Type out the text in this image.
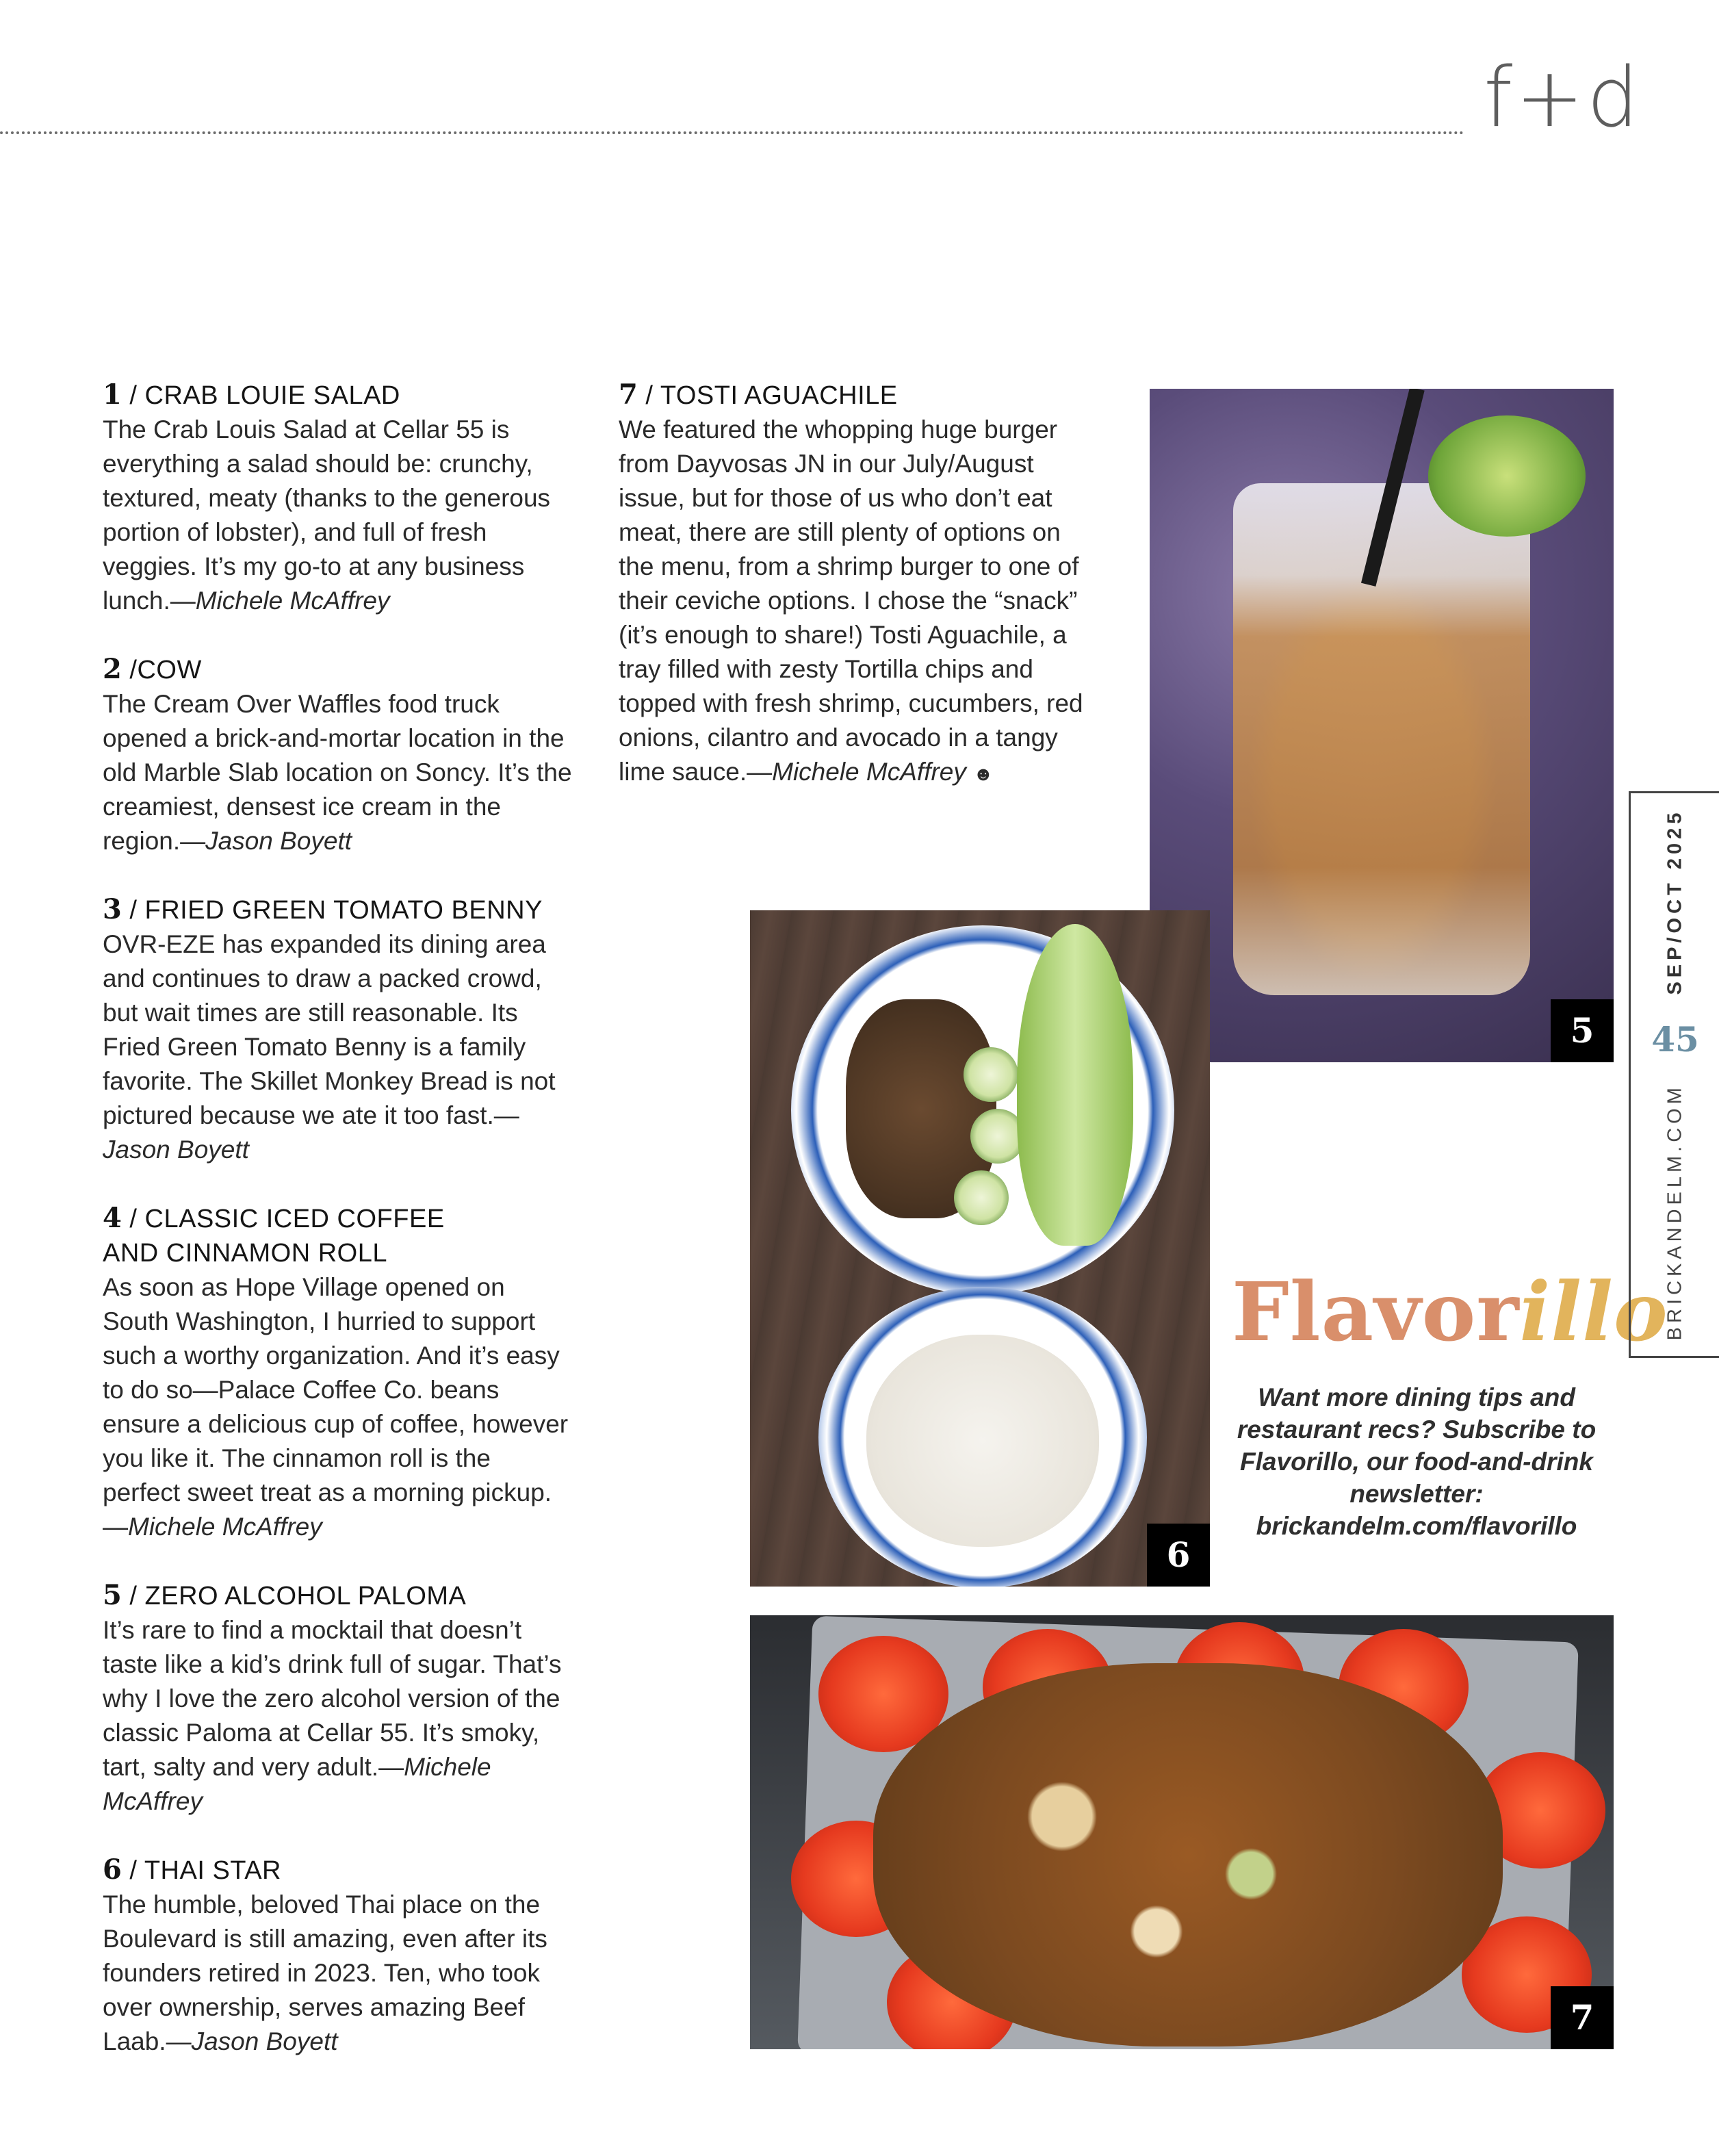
f+d

1 / CRAB LOUIE SALAD

The Crab Louis Salad at Cellar 55 is everything a salad should be: crunchy, textured, meaty (thanks to the generous portion of lobster), and full of fresh veggies. It’s my go-to at any business lunch.—Michele McAffrey

2 /COW

The Cream Over Waffles food truck opened a brick-and-mortar location in the old Marble Slab location on Soncy. It’s the creamiest, densest ice cream in the region.—Jason Boyett

3 / FRIED GREEN TOMATO BENNY

OVR-EZE has expanded its dining area and continues to draw a packed crowd, but wait times are still reasonable. Its Fried Green Tomato Benny is a family favorite. The Skillet Monkey Bread is not pictured because we ate it too fast.—Jason Boyett

4 / CLASSIC ICED COFFEE AND CINNAMON ROLL

As soon as Hope Village opened on South Washington, I hurried to support such a worthy organization. And it’s easy to do so—Palace Coffee Co. beans ensure a delicious cup of coffee, however you like it. The cinnamon roll is the perfect sweet treat as a morning pickup.—Michele McAffrey

5 / ZERO ALCOHOL PALOMA

It’s rare to find a mocktail that doesn’t taste like a kid’s drink full of sugar. That’s why I love the zero alcohol version of the classic Paloma at Cellar 55. It’s smoky, tart, salty and very adult.—Michele McAffrey

6 / THAI STAR

The humble, beloved Thai place on the Boulevard is still amazing, even after its founders retired in 2023. Ten, who took over ownership, serves amazing Beef Laab.—Jason Boyett

7 / TOSTI AGUACHILE

We featured the whopping huge burger from Dayvosas JN in our July/August issue, but for those of us who don’t eat meat, there are still plenty of options on the menu, from a shrimp burger to one of their ceviche options. I chose the “snack” (it’s enough to share!) Tosti Aguachile, a tray filled with zesty Tortilla chips and topped with fresh shrimp, cucumbers, red onions, cilantro and avocado in a tangy lime sauce.—Michele McAffrey ☻

5
6
7
Flavorillo

Want more dining tips and restaurant recs? Subscribe to Flavorillo, our food-and-drink newsletter: brickandelm.com/flavorillo

BRICKANDELM.COM
45
SEP/OCT 2025
